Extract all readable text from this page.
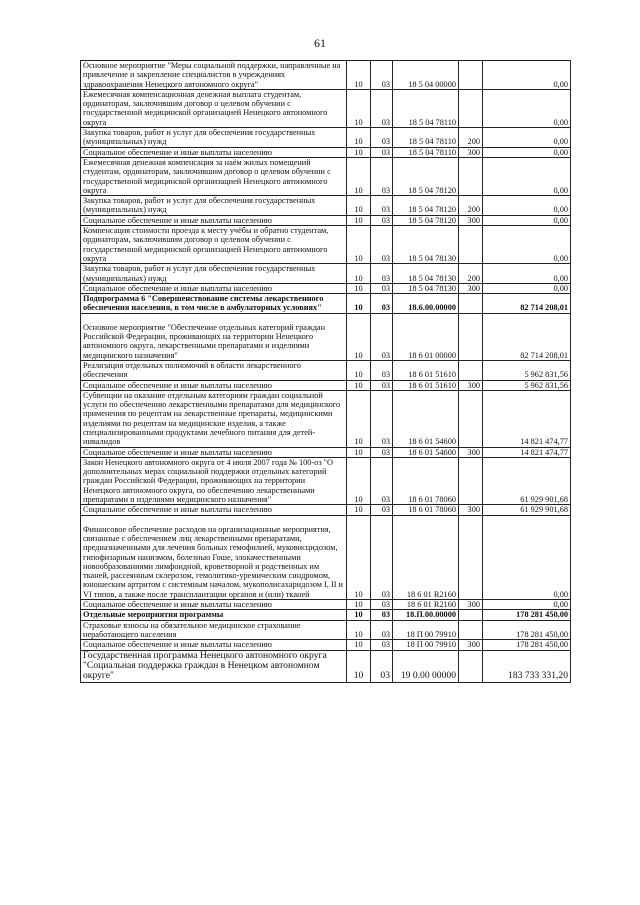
61
Основное мероприятие "Меры социальной поддержки, направленные на привлечение и закрепление специалистов в учреждениях здравоохранения Ненецкого автономного округа"	10	03	18 5 04 00000		0,00
Ежемесячная компенсационная денежная выплата студентам, ординаторам, заключившим договор о целевом обучении с государственной медицинской организацией Ненецкого автономного округа	10	03	18 5 04 78110		0,00
Закупка товаров, работ и услуг для обеспечения государственных (муниципальных) нужд	10	03	18 5 04 78110	200	0,00
Социальное обеспечение и иные выплаты населению	10	03	18 5 04 78110	300	0,00
Ежемесячная денежная компенсация за наём жилых помещений студентам, ординаторам, заключившим договор о целевом обучении с государственной медицинской организацией Ненецкого автономного округа	10	03	18 5 04 78120		0,00
Закупка товаров, работ и услуг для обеспечения государственных (муниципальных) нужд	10	03	18 5 04 78120	200	0,00
Социальное обеспечение и иные выплаты населению	10	03	18 5 04 78120	300	0,00
Компенсация стоимости проезда к месту учёбы и обратно студентам, ординаторам, заключившим договор о целевом обучении с государственной медицинской организацией Ненецкого автономного округа	10	03	18 5 04 78130		0,00
Закупка товаров, работ и услуг для обеспечения государственных (муниципальных) нужд	10	03	18 5 04 78130	200	0,00
Социальное обеспечение и иные выплаты населению	10	03	18 5 04 78130	300	0,00
Подпрограмма 6 "Совершенствование системы лекарственного обеспечения населения, в том числе в амбулаторных условиях"	10	03	18.6.00.00000		82 714 208,01
Основное мероприятие "Обеспечение отдельных категорий граждан Российской Федерации, проживающих на территории Ненецкого автономного округа, лекарственными препаратами и изделиями медицинского назначения"	10	03	18 6 01 00000		82 714 208,01
Реализация отдельных полномочий в области лекарственного обеспечения	10	03	18 6 01 51610		5 962 831,56
Социальное обеспечение и иные выплаты населению	10	03	18 6 01 51610	300	5 962 831,56
Субвенции на оказание отдельным категориям граждан социальной услуги по обеспечению лекарственными препаратами для медицинского применения по рецептам на лекарственные препараты, медицинскими изделиями по рецептам на медицинские изделия, а также специализированными продуктами лечебного питания для детей-инвалидов	10	03	18 6 01 54600		14 821 474,77
Социальное обеспечение и иные выплаты населению	10	03	18 6 01 54600	300	14 821 474,77
Закон Ненецкого автономного округа от 4 июля 2007 года № 100-оз "О дополнительных мерах социальной поддержки отдельных категорий граждан Российской Федерации, проживающих на территории Ненецкого автономного округа, по обеспечению лекарственными препаратами и изделиями медицинского назначения"	10	03	18 6 01 78060		61 929 901,68
Социальное обеспечение и иные выплаты населению	10	03	18 6 01 78060	300	61 929 901,68
Финансовое обеспечение расходов на организационные мероприятия, связанные с обеспечением лиц лекарственными препаратами, предназначенными для лечения больных гемофилией, муковисцидозом, гипофизарным нанизмом, болезнью Гоше, злокачественными новообразованиями лимфоидной, кроветворной и родственных им тканей, рассеянным склерозом, гемолитико-уремическим синдромом, юношеским артритом с системным началом, мукополисахаридозом I, II и VI типов, а также после трансплантации органов и (или) тканей	10	03	18 6 01 R2160		0,00
Социальное обеспечение и иные выплаты населению	10	03	18 6 01 R2160	300	0,00
Отдельные мероприятия программы	10	03	18.П.00.00000		178 281 450,00
Страховые взносы на обязательное медицинское страхование неработающего населения	10	03	18 П 00 79910		178 281 450,00
Социальное обеспечение и иные выплаты населению	10	03	18 П 00 79910	300	178 281 450,00
Государственная программа Ненецкого автономного округа "Социальная поддержка граждан в Ненецком автономном округе"	10	03	19 0.00 00000		183 733 331,20
